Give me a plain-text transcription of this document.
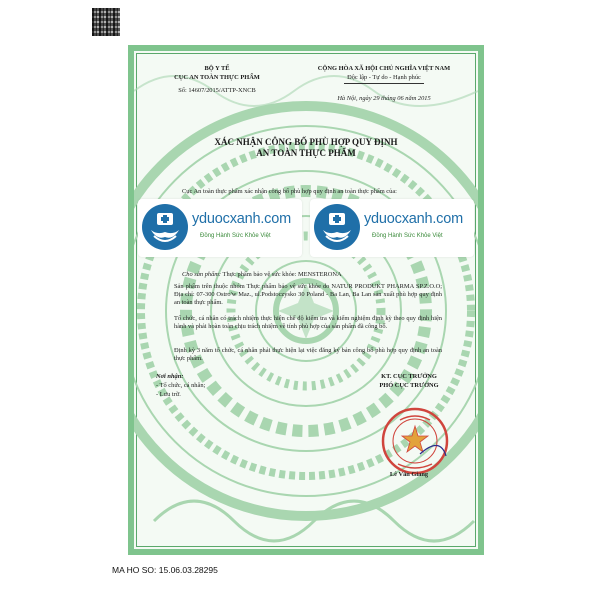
BỘ Y TẾ
CỤC AN TOÀN THỰC PHẨM
Số: 14607/2015/ATTP-XNCB
CỘNG HÒA XÃ HỘI CHỦ NGHĨA VIỆT NAM
Độc lập - Tự do - Hạnh phúc
Hà Nội, ngày 29 tháng 06 năm 2015
XÁC NHẬN CÔNG BỐ PHÙ HỢP QUY ĐỊNH
AN TOÀN THỰC PHẨM
Cục An toàn thực phẩm xác nhận công bố phù hợp quy định an toàn thực phẩm của:
Cho sản phẩm: Thực phẩm bảo vệ sức khỏe: MENSTERONA
Sản phẩm trên thuộc nhóm Thực phẩm bảo vệ sức khỏe do NATUR PRODUKT PHARMA SP.Z.O.O; Địa chỉ: 07-300 Ostro'w Maz., ul.Podstoczysko 30 Poland - Ba Lan, Ba Lan sản xuất phù hợp quy định an toàn thực phẩm.
Tổ chức, cá nhân có trách nhiệm thực hiện chế độ kiểm tra và kiểm nghiệm định kỳ theo quy định hiện hành và phải hoàn toàn chịu trách nhiệm về tính phù hợp của sản phẩm đã công bố.
Định kỳ 3 năm tổ chức, cá nhân phải thực hiện lại việc đăng ký bản công bố phù hợp quy định an toàn thực phẩm.
Nơi nhận:
- Tổ chức, cá nhân;
- Lưu trữ.
KT. CỤC TRƯỞNG
PHÓ CỤC TRƯỞNG
Lê Văn Giang
yduocxanh.com
Đồng Hành Sức Khỏe Việt
yduocxanh.com
Đồng Hành Sức Khỏe Việt
MA HO SO: 15.06.03.28295
